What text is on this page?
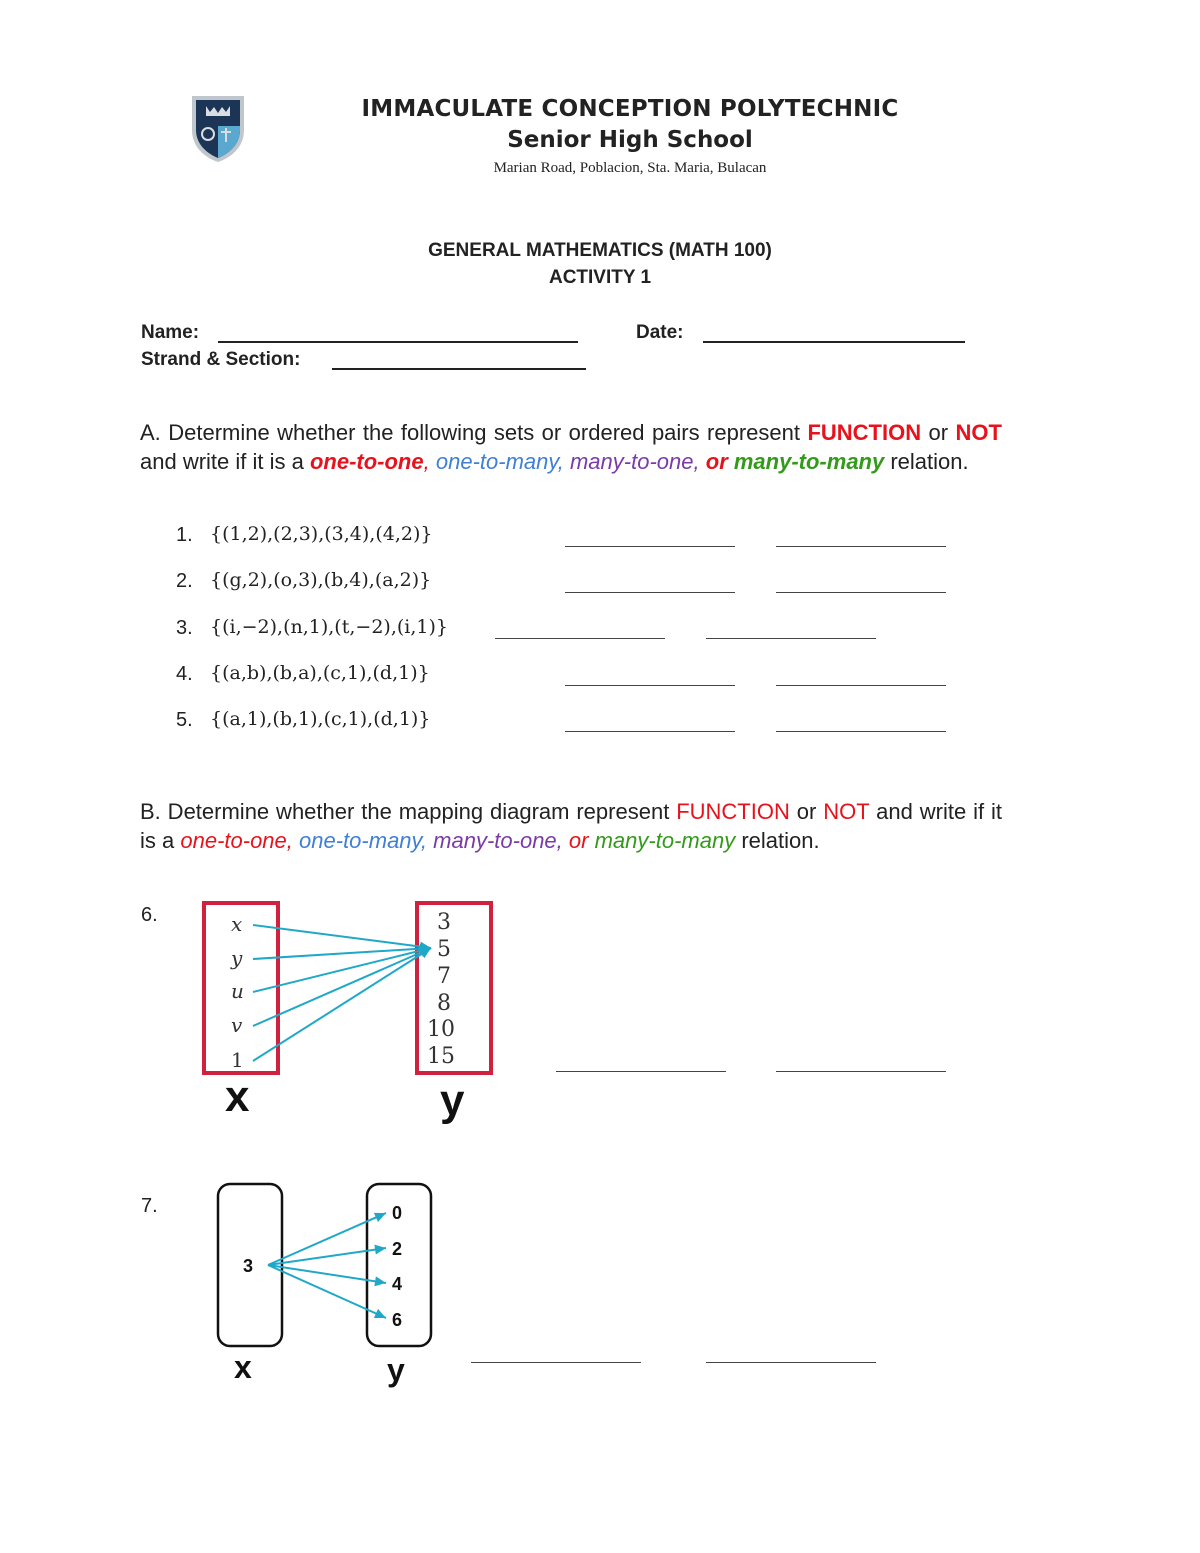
IMMACULATE CONCEPTION POLYTECHNIC
Senior High School
Marian Road, Poblacion, Sta. Maria, Bulacan
GENERAL MATHEMATICS (MATH 100)
ACTIVITY 1
Name:	Date:
Strand & Section:
A. Determine whether the following sets or ordered pairs represent FUNCTION or NOT and write if it is a one-to-one, one-to-many, many-to-one, or many-to-many relation.
1. {(1,2),(2,3),(3,4),(4,2)}
2. {(g,2),(o,3),(b,4),(a,2)}
3. {(i,−2),(n,1),(t,−2),(i,1)}
4. {(a,b),(b,a),(c,1),(d,1)}
5. {(a,1),(b,1),(c,1),(d,1)}
B. Determine whether the mapping diagram represent FUNCTION or NOT and write if it is a one-to-one, one-to-many, many-to-one, or many-to-many relation.
6.	x
y
u
v
1
3
5
7
8
10
15
x	y
7.
3
0
2
4
6
x	y
